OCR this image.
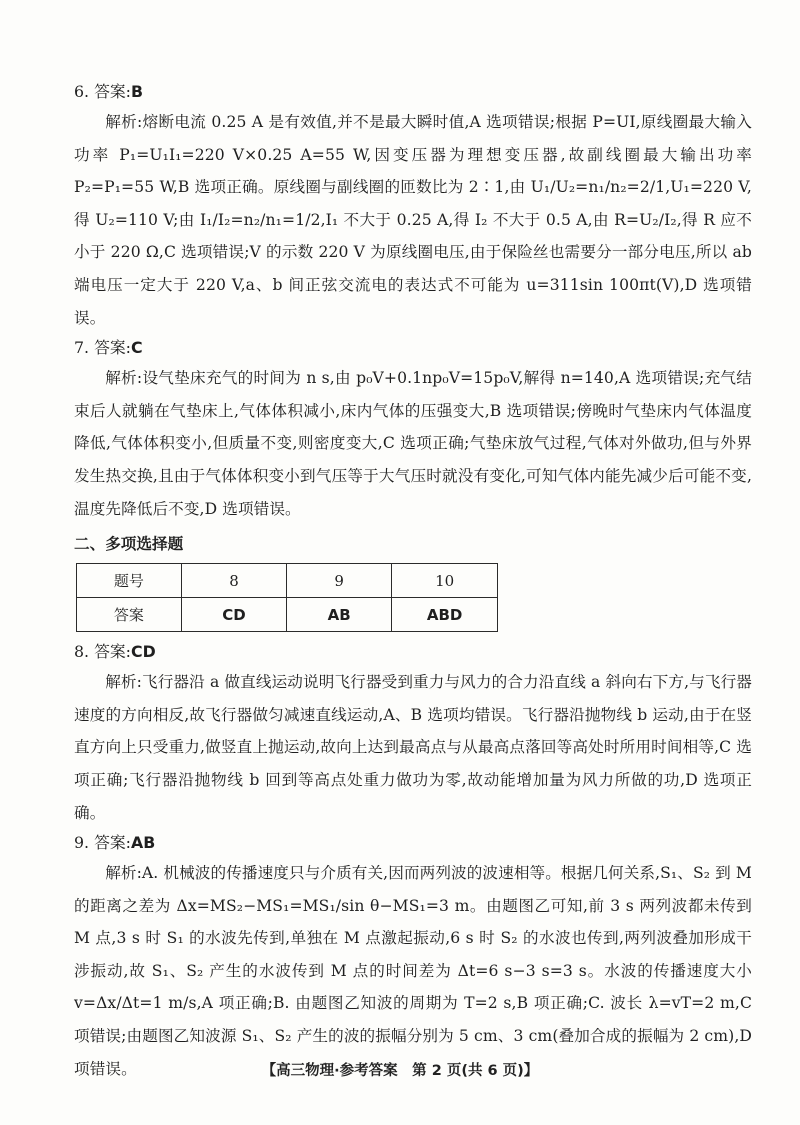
6. 答案:B

解析:熔断电流 0.25 A 是有效值,并不是最大瞬时值,A 选项错误;根据 P=UI,原线圈最大输入功率 P₁=U₁I₁=220 V×0.25 A=55 W,因变压器为理想变压器,故副线圈最大输出功率 P₂=P₁=55 W,B 选项正确。原线圈与副线圈的匝数比为 2∶1,由 U₁/U₂=n₁/n₂=2/1,U₁=220 V,得 U₂=110 V;由 I₁/I₂=n₂/n₁=1/2,I₁ 不大于 0.25 A,得 I₂ 不大于 0.5 A,由 R=U₂/I₂,得 R 应不小于 220 Ω,C 选项错误;V 的示数 220 V 为原线圈电压,由于保险丝也需要分一部分电压,所以 ab 端电压一定大于 220 V,a、b 间正弦交流电的表达式不可能为 u=311sin 100πt(V),D 选项错误。

7. 答案:C

解析:设气垫床充气的时间为 n s,由 p₀V+0.1np₀V=15p₀V,解得 n=140,A 选项错误;充气结束后人就躺在气垫床上,气体体积减小,床内气体的压强变大,B 选项错误;傍晚时气垫床内气体温度降低,气体体积变小,但质量不变,则密度变大,C 选项正确;气垫床放气过程,气体对外做功,但与外界发生热交换,且由于气体体积变小到气压等于大气压时就没有变化,可知气体内能先减少后可能不变,温度先降低后不变,D 选项错误。

二、多项选择题

题号	8	9	10
答案	CD	AB	ABD

8. 答案:CD

解析:飞行器沿 a 做直线运动说明飞行器受到重力与风力的合力沿直线 a 斜向右下方,与飞行器速度的方向相反,故飞行器做匀减速直线运动,A、B 选项均错误。飞行器沿抛物线 b 运动,由于在竖直方向上只受重力,做竖直上抛运动,故向上达到最高点与从最高点落回等高处时所用时间相等,C 选项正确;飞行器沿抛物线 b 回到等高点处重力做功为零,故动能增加量为风力所做的功,D 选项正确。

9. 答案:AB

解析:A. 机械波的传播速度只与介质有关,因而两列波的波速相等。根据几何关系,S₁、S₂ 到 M 的距离之差为 Δx=MS₂−MS₁=MS₁/sin θ−MS₁=3 m。由题图乙可知,前 3 s 两列波都未传到 M 点,3 s 时 S₁ 的水波先传到,单独在 M 点激起振动,6 s 时 S₂ 的水波也传到,两列波叠加形成干涉振动,故 S₁、S₂ 产生的水波传到 M 点的时间差为 Δt=6 s−3 s=3 s。水波的传播速度大小 v=Δx/Δt=1 m/s,A 项正确;B. 由题图乙知波的周期为 T=2 s,B 项正确;C. 波长 λ=vT=2 m,C 项错误;由题图乙知波源 S₁、S₂ 产生的波的振幅分别为 5 cm、3 cm(叠加合成的振幅为 2 cm),D 项错误。	【高三物理·参考答案　第 2 页(共 6 页)】
